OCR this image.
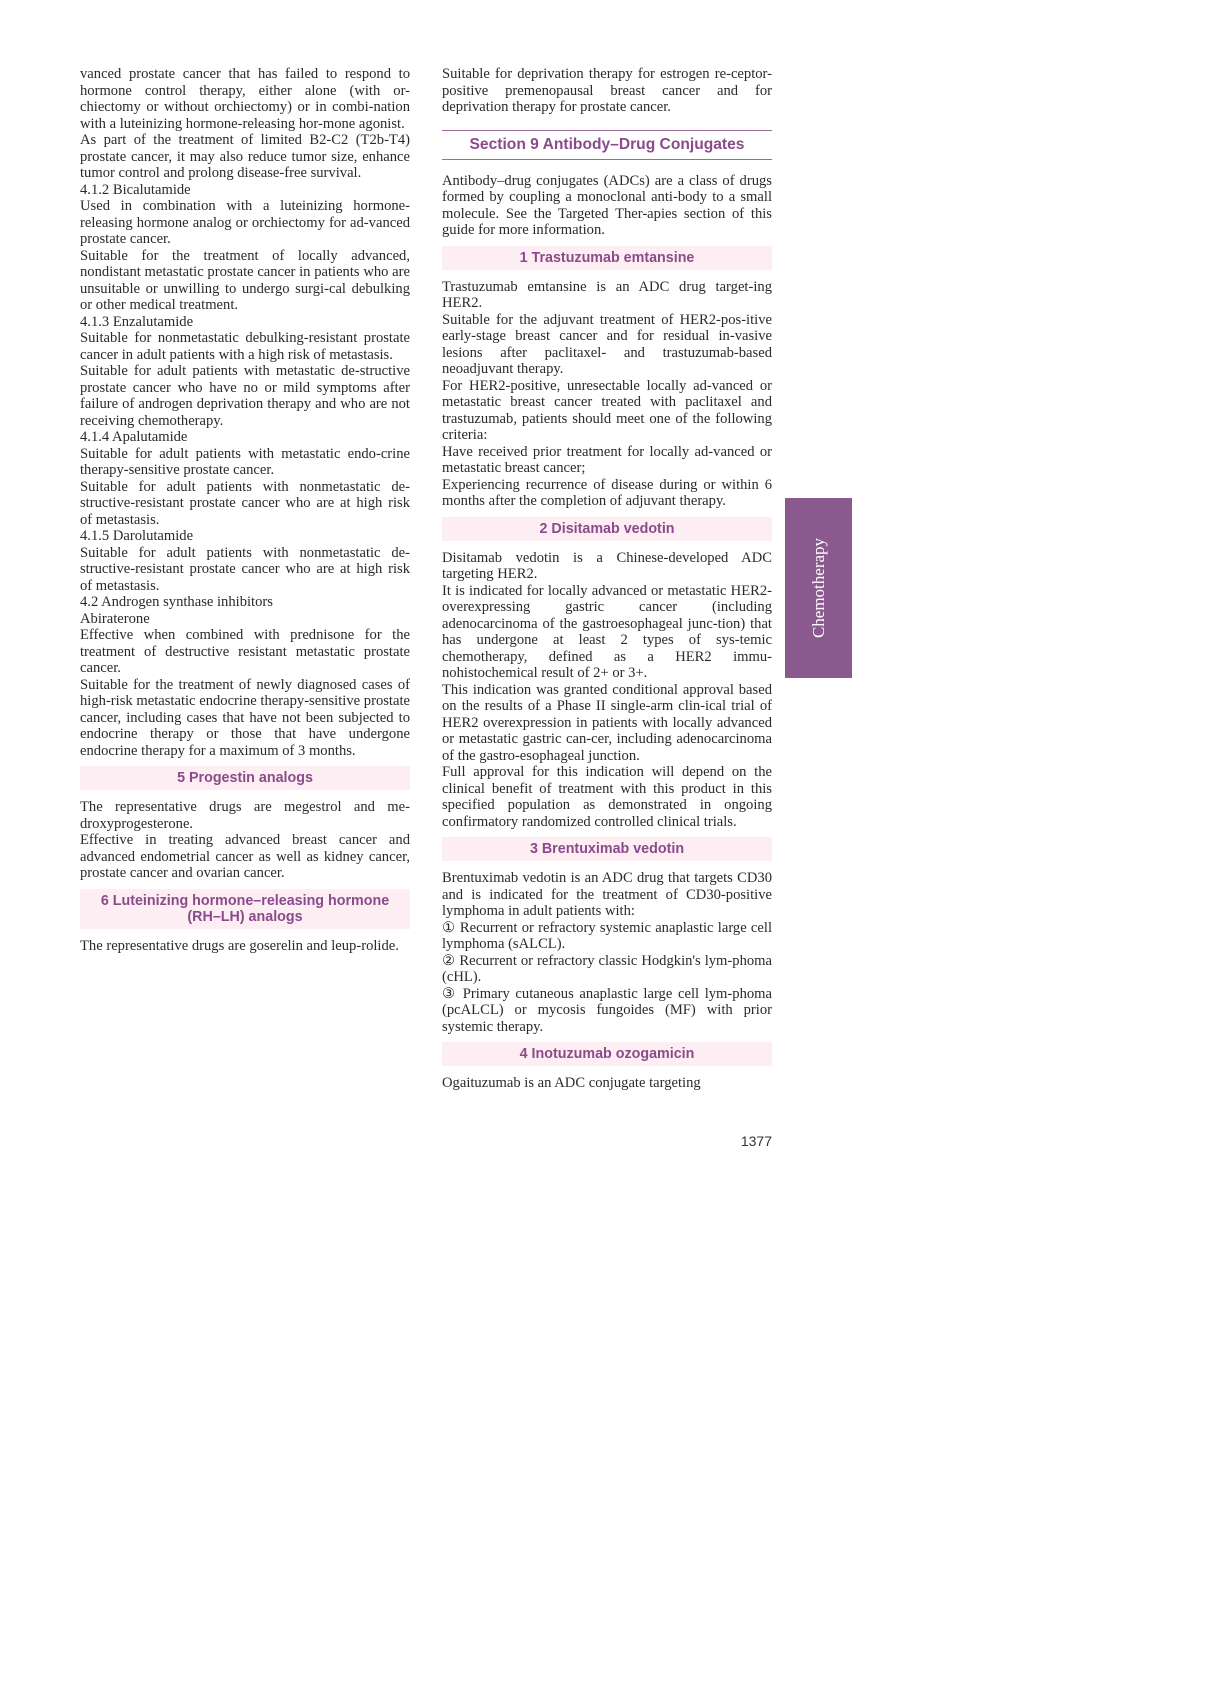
vanced prostate cancer that has failed to respond to hormone control therapy, either alone (with or-chiectomy or without orchiectomy) or in combi-nation with a luteinizing hormone-releasing hor-mone agonist.

As part of the treatment of limited B2-C2 (T2b-T4) prostate cancer, it may also reduce tumor size, enhance tumor control and prolong disease-free survival.

4.1.2 Bicalutamide

Used in combination with a luteinizing hormone-releasing hormone analog or orchiectomy for ad-vanced prostate cancer.

Suitable for the treatment of locally advanced, nondistant metastatic prostate cancer in patients who are unsuitable or unwilling to undergo surgi-cal debulking or other medical treatment.

4.1.3 Enzalutamide

Suitable for nonmetastatic debulking-resistant prostate cancer in adult patients with a high risk of metastasis.

Suitable for adult patients with metastatic de-structive prostate cancer who have no or mild symptoms after failure of androgen deprivation therapy and who are not receiving chemotherapy.

4.1.4 Apalutamide

Suitable for adult patients with metastatic endo-crine therapy-sensitive prostate cancer.

Suitable for adult patients with nonmetastatic de-structive-resistant prostate cancer who are at high risk of metastasis.

4.1.5 Darolutamide

Suitable for adult patients with nonmetastatic de-structive-resistant prostate cancer who are at high risk of metastasis.

4.2 Androgen synthase inhibitors

Abiraterone

Effective when combined with prednisone for the treatment of destructive resistant metastatic prostate cancer.

Suitable for the treatment of newly diagnosed cases of high-risk metastatic endocrine therapy-sensitive prostate cancer, including cases that have not been subjected to endocrine therapy or those that have undergone endocrine therapy for a maximum of 3 months.

5 Progestin analogs

The representative drugs are megestrol and me-droxyprogesterone.

Effective in treating advanced breast cancer and advanced endometrial cancer as well as kidney cancer, prostate cancer and ovarian cancer.

6 Luteinizing hormone–releasing hormone
(RH–LH) analogs

The representative drugs are goserelin and leup-rolide.

Suitable for deprivation therapy for estrogen re-ceptor-positive premenopausal breast cancer and for deprivation therapy for prostate cancer.

Section 9 Antibody–Drug Conjugates

Antibody–drug conjugates (ADCs) are a class of drugs formed by coupling a monoclonal anti-body to a small molecule. See the Targeted Ther-apies section of this guide for more information.

1 Trastuzumab emtansine

Trastuzumab emtansine is an ADC drug target-ing HER2.

Suitable for the adjuvant treatment of HER2-pos-itive early-stage breast cancer and for residual in-vasive lesions after paclitaxel- and trastuzumab-based neoadjuvant therapy.

For HER2-positive, unresectable locally ad-vanced or metastatic breast cancer treated with paclitaxel and trastuzumab, patients should meet one of the following criteria:

Have received prior treatment for locally ad-vanced or metastatic breast cancer;

Experiencing recurrence of disease during or within 6 months after the completion of adjuvant therapy.

2 Disitamab vedotin

Disitamab vedotin is a Chinese-developed ADC targeting HER2.

It is indicated for locally advanced or metastatic HER2-overexpressing gastric cancer (including adenocarcinoma of the gastroesophageal junc-tion) that has undergone at least 2 types of sys-temic chemotherapy, defined as a HER2 immu-nohistochemical result of 2+ or 3+.

This indication was granted conditional approval based on the results of a Phase II single-arm clin-ical trial of HER2 overexpression in patients with locally advanced or metastatic gastric can-cer, including adenocarcinoma of the gastro-esophageal junction.

Full approval for this indication will depend on the clinical benefit of treatment with this product in this specified population as demonstrated in ongoing confirmatory randomized controlled clinical trials.

3 Brentuximab vedotin

Brentuximab vedotin is an ADC drug that targets CD30 and is indicated for the treatment of CD30-positive lymphoma in adult patients with:

① Recurrent or refractory systemic anaplastic large cell lymphoma (sALCL).

② Recurrent or refractory classic Hodgkin's lym-phoma (cHL).

③ Primary cutaneous anaplastic large cell lym-phoma (pcALCL) or mycosis fungoides (MF) with prior systemic therapy.

4 Inotuzumab ozogamicin

Ogaituzumab is an ADC conjugate targeting

Chemotherapy
1377
